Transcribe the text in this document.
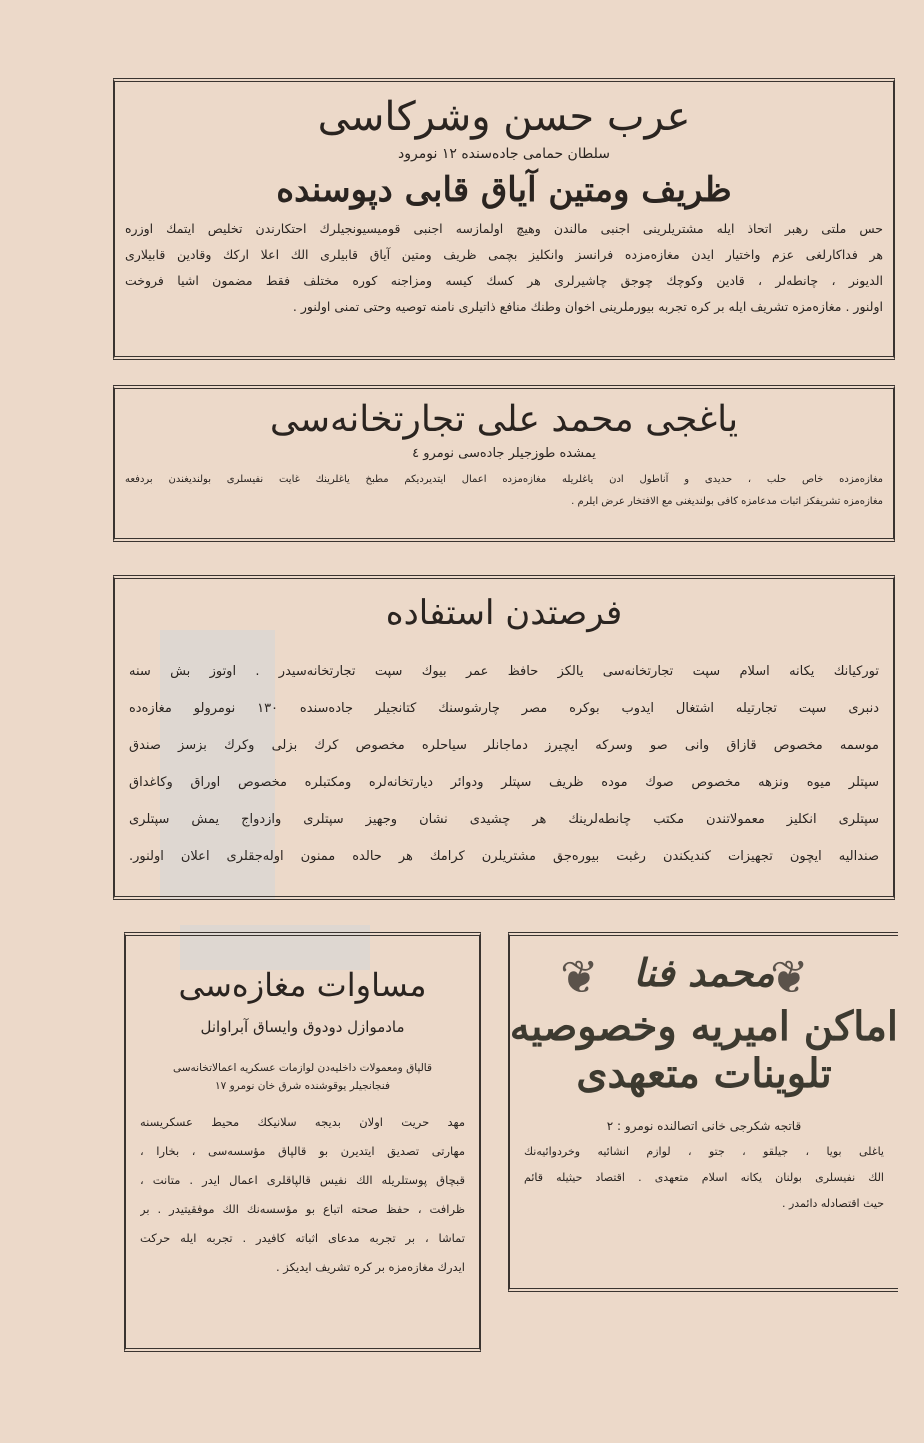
عرب حسن وشركاسی
سلطان حمامی جاده‌سنده ۱۲ نومرود
ظریف ومتین آیاق قابی دپوسنده
حس ملتی رهبر اتحاذ ایله مشتریلرینی اجنبی مالندن وهیچ اولمازسه اجنبی قومیسیونجیلرك احتكارندن تخلیص ایتمك اوزره
هر فداكارلغی عزم واختیار ایدن مغازه‌مزده فرانسز وانكلیز بچمی ظریف ومتین آیاق قابیلری الك اعلا اركك وقادین قابیلاری
الدیونر ، چانطه‌لر ، قادین وكوچك چوجق چاشیرلری هر كسك كیسه ومزاجنه كوره مختلف فقط مضمون اشیا فروخت
اولنور . مغازه‌مزه تشریف ایله بر كره تجربه بیورملرینی اخوان وطنك منافع ذاتیلری نامنه توصیه وحتی تمنی اولنور .
یاغجی محمد علی تجارتخانه‌سی
یمشده طوزجیلر جاده‌سی نومرو ٤
مغازه‌مزده خاص حلب ، حدیدی و آناطول ادن یاغلریله مغازه‌مزده اعمال ایتدیردیكم مطبخ یاغلرینك غایت نفیسلری بولندیغندن بردفعه
مغازه‌مزه تشریفكز اثبات مدعامزه كافی بولندیغنی مع الافتخار عرض ایلرم .
فرصتدن استفاده
توركیانك یكانه اسلام سپت تجارتخانه‌سی یالكز حافظ عمر بیوك سپت تجارتخانه‌سیدر . اوتوز بش سنه‌
دنبری سپت تجارتیله اشتغال ایدوب بوكره مصر چارشوسنك كتانجیلر جاده‌سنده ۱۳۰ نومرولو مغازه‌ده
موسمه مخصوص قازاق وانی صو وسركه ایچیرز دماجانلر سیاحلره مخصوص كرك بزلی وكرك بزسز صندق
سپتلر میوه ونزهه مخصوص صوك موده ظریف سپتلر ودوائر دیارتخانه‌لره ومكتبلره مخصوص اوراق وكاغداق
سپتلری انكلیز معمولاتندن مكتب چانطه‌لرینك هر چشیدی نشان وجهیز سپتلری وازدواج یمش سپتلری
صندالیه ایچون تجهیزات كندیكندن رغبت بیوره‌جق مشتریلرن كرامك هر حالده ممنون اوله‌جقلری اعلان اولنور.
مساوات مغازه‌سی
مادموازل دودوق وایساق آبراوانل
قالپاق ومعمولات داخلیه‌دن لوازمات عسكریه اعمالاتخانه‌سی
فنجانجیلر یوقوشنده شرق خان نومرو ١٧
مهد حریت اولان بدیجه سلانیكك محیط عسكریسنه
مهارتی تصدیق ایتدیرن بو قالپاق مؤسسه‌سی ، بخارا ،
قبچاق پوستلریله الك نفیس قالپاقلری اعمال ایدر . متانت ،
ظرافت ، حفظ صحته اتباع بو مؤسسه‌نك الك موفقیتیدر . بر
تماشا ، بر تجربه مدعای اثباته كافیدر . تجربه ایله حركت
ایدرك مغازه‌مزه بر كره تشریف ایدیكز .
❦	❦
محمد فنا
اماكن امیریه وخصوصیه
تلوینات متعهدی
قاتجه شكرجی خانی اتصالنده نومرو : ٢
یاغلی بویا ، جیلقو ، جتو ، لوازم انشائیه وخردوائیه‌نك
الك نفیسلری بولنان یكانه اسلام متعهدی . اقتصاد حیثیله قائم
حیث اقتصادله دائمدر .
